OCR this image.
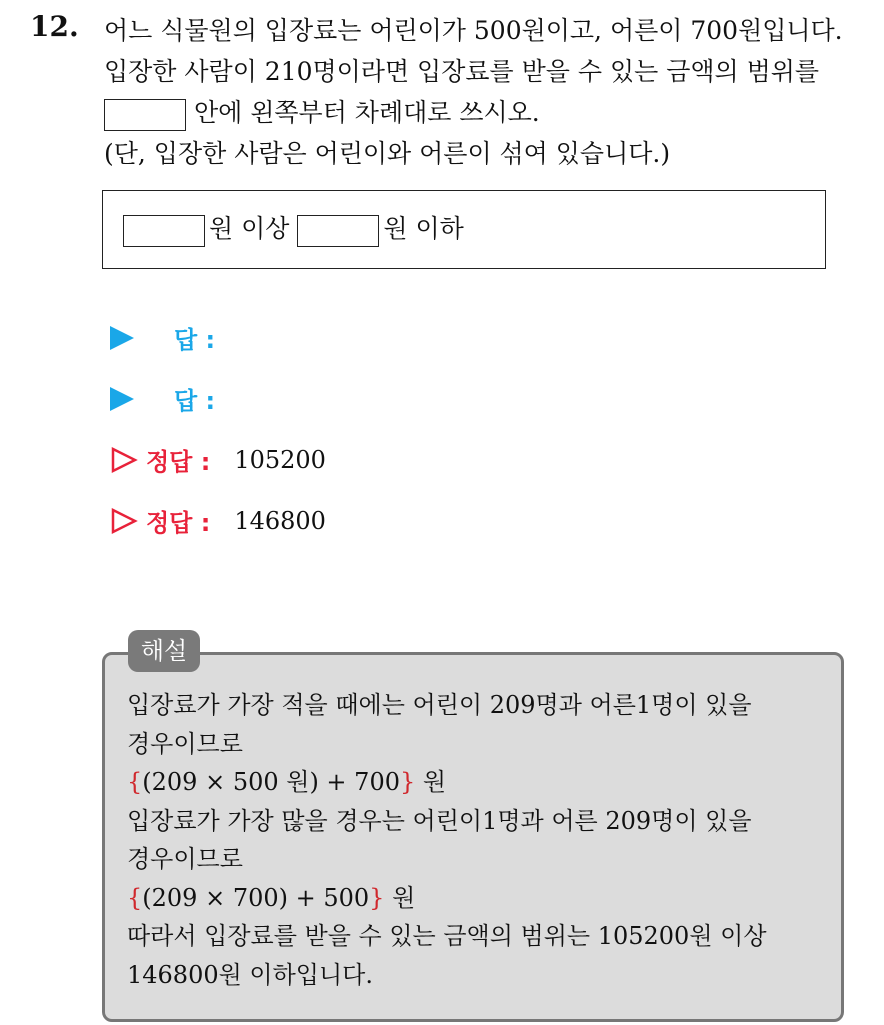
12. 어느 식물원의 입장료는 어린이가 500원이고, 어른이 700원입니다.
입장한 사람이 210명이라면 입장료를 받을 수 있는 금액의 범위를
안에 왼쪽부터 차례대로 쓰시오.
(단, 입장한 사람은 어린이와 어른이 섞여 있습니다.)
원 이상	원 이하
답 :
답 :
정답 : 105200
정답 : 146800
해설
입장료가 가장 적을 때에는 어린이 209명과 어른1명이 있을
경우이므로
{(209 × 500 원) + 700} 원
입장료가 가장 많을 경우는 어린이1명과 어른 209명이 있을
경우이므로
{(209 × 700) + 500} 원
따라서 입장료를 받을 수 있는 금액의 범위는 105200원 이상
146800원 이하입니다.
